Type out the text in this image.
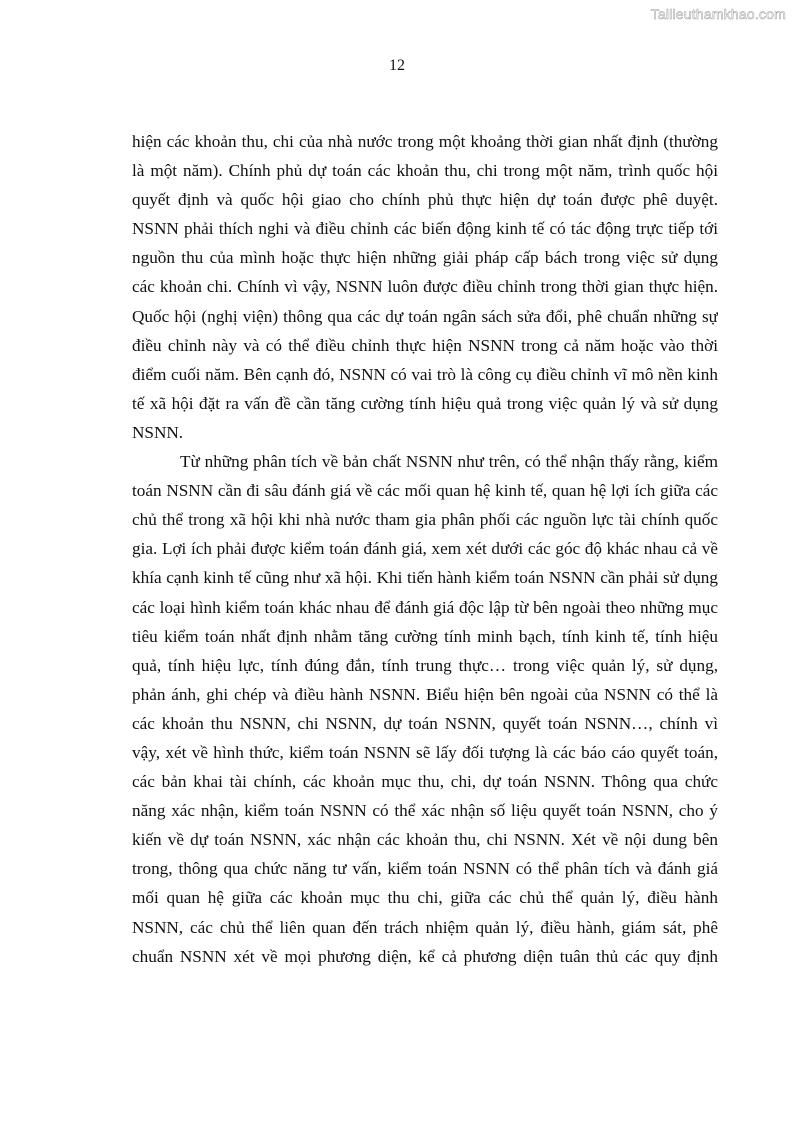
Tailieuthamkhao.com
12
hiện các khoản thu, chi của nhà nước trong một khoảng thời gian nhất định (thường
là một năm). Chính phủ dự toán các khoản thu, chi trong một năm, trình quốc hội
quyết định và quốc hội giao cho chính phủ thực hiện dự toán được phê duyệt.
NSNN phải thích nghi và điều chỉnh các biến động kinh tế có tác động trực tiếp tới
nguồn thu của mình hoặc thực hiện những giải pháp cấp bách trong việc sử dụng
các khoản chi. Chính vì vậy, NSNN luôn được điều chỉnh trong thời gian thực hiện.
Quốc hội (nghị viện) thông qua các dự toán ngân sách sửa đổi, phê chuẩn những sự
điều chỉnh này và có thể điều chỉnh thực hiện NSNN trong cả năm hoặc vào thời
điểm cuối năm. Bên cạnh đó, NSNN có vai trò là công cụ điều chỉnh vĩ mô nền kinh
tế xã hội đặt ra vấn đề cần tăng cường tính hiệu quả trong việc quản lý và sử dụng
NSNN.
Từ những phân tích về bản chất NSNN như trên, có thể nhận thấy rằng, kiểm
toán NSNN cần đi sâu đánh giá về các mối quan hệ kinh tế, quan hệ lợi ích giữa các
chủ thể trong xã hội khi nhà nước tham gia phân phối các nguồn lực tài chính quốc
gia. Lợi ích phải được kiểm toán đánh giá, xem xét dưới các góc độ khác nhau cả về
khía cạnh kinh tế cũng như xã hội. Khi tiến hành kiểm toán NSNN cần phải sử dụng
các loại hình kiểm toán khác nhau để đánh giá độc lập từ bên ngoài theo những mục
tiêu kiểm toán nhất định nhằm tăng cường tính minh bạch, tính kinh tế, tính hiệu
quả, tính hiệu lực, tính đúng đắn, tính trung thực… trong việc quản lý, sử dụng,
phản ánh, ghi chép và điều hành NSNN. Biểu hiện bên ngoài của NSNN có thể là
các khoản thu NSNN, chi NSNN, dự toán NSNN, quyết toán NSNN…, chính vì
vậy, xét về hình thức, kiểm toán NSNN sẽ lấy đối tượng là các báo cáo quyết toán,
các bản khai tài chính, các khoản mục thu, chi, dự toán NSNN. Thông qua chức
năng xác nhận, kiểm toán NSNN có thể xác nhận số liệu quyết toán NSNN, cho ý
kiến về dự toán NSNN, xác nhận các khoản thu, chi NSNN. Xét về nội dung bên
trong, thông qua chức năng tư vấn, kiểm toán NSNN có thể phân tích và đánh giá
mối quan hệ giữa các khoản mục thu chi, giữa các chủ thể quản lý, điều hành
NSNN, các chủ thể liên quan đến trách nhiệm quản lý, điều hành, giám sát, phê
chuẩn NSNN xét về mọi phương diện, kể cả phương diện tuân thủ các quy định
